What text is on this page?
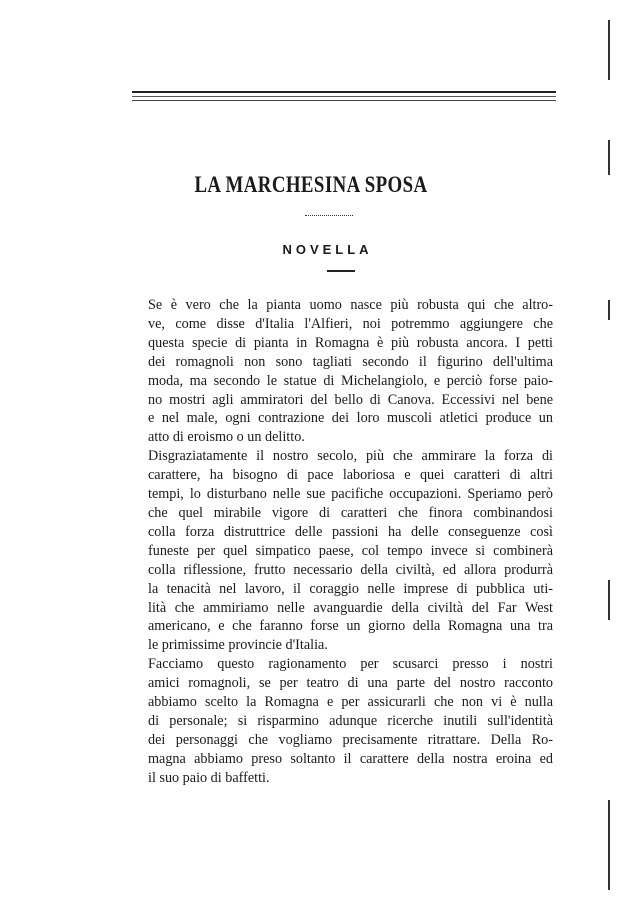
LA MARCHESINA SPOSA
NOVELLA

Se è vero che la pianta uomo nasce più robusta qui che altro-
ve, come disse d'Italia l'Alfieri, noi potremmo aggiungere che
questa specie di pianta in Romagna è più robusta ancora. I petti
dei romagnoli non sono tagliati secondo il figurino dell'ultima
moda, ma secondo le statue di Michelangiolo, e perciò forse paio-
no mostri agli ammiratori del bello di Canova. Eccessivi nel bene
e nel male, ogni contrazione dei loro muscoli atletici produce un
atto di eroismo o un delitto.

Disgraziatamente il nostro secolo, più che ammirare la forza di
carattere, ha bisogno di pace laboriosa e quei caratteri di altri
tempi, lo disturbano nelle sue pacifiche occupazioni. Speriamo però
che quel mirabile vigore di caratteri che finora combinandosi
colla forza distruttrice delle passioni ha delle conseguenze così
funeste per quel simpatico paese, col tempo invece si combinerà
colla riflessione, frutto necessario della civiltà, ed allora produrrà
la tenacità nel lavoro, il coraggio nelle imprese di pubblica uti-
lità che ammiriamo nelle avanguardie della civiltà del Far West
americano, e che faranno forse un giorno della Romagna una tra
le primissime provincie d'Italia.

Facciamo questo ragionamento per scusarci presso i nostri
amici romagnoli, se per teatro di una parte del nostro racconto
abbiamo scelto la Romagna e per assicurarli che non vi è nulla
di personale; si risparmino adunque ricerche inutili sull'identità
dei personaggi che vogliamo precisamente ritrattare. Della Ro-
magna abbiamo preso soltanto il carattere della nostra eroina ed
il suo paio di baffetti.
